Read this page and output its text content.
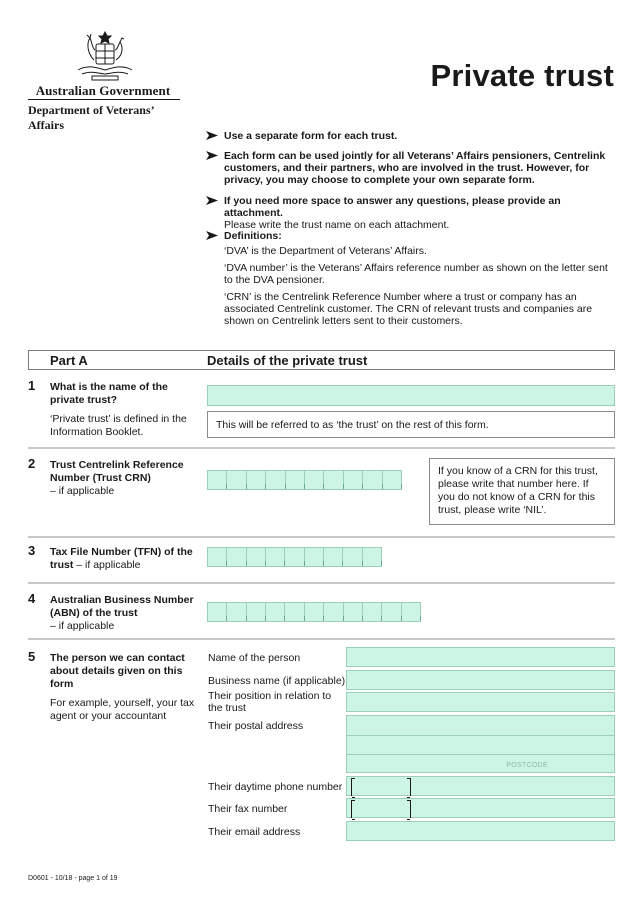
Australian Government
Department of Veterans’ Affairs
Private trust
Use a separate form for each trust.
Each form can be used jointly for all Veterans’ Affairs pensioners, Centrelink customers, and their partners, who are involved in the trust. However, for privacy, you may choose to complete your own separate form.
If you need more space to answer any questions, please provide an attachment.
Please write the trust name on each attachment.
Definitions:
‘DVA’ is the Department of Veterans’ Affairs.
‘DVA number’ is the Veterans’ Affairs reference number as shown on the letter sent to the DVA pensioner.
‘CRN’ is the Centrelink Reference Number where a trust or company has an associated Centrelink customer. The CRN of relevant trusts and companies are shown on Centrelink letters sent to their customers.
Part A	Details of the private trust
1 What is the name of the private trust?
‘Private trust’ is defined in the Information Booklet.
This will be referred to as ‘the trust’ on the rest of this form.
2 Trust Centrelink Reference Number (Trust CRN)
– if applicable
If you know of a CRN for this trust, please write that number here. If you do not know of a CRN for this trust, please write ‘NIL’.
3 Tax File Number (TFN) of the trust – if applicable
4 Australian Business Number (ABN) of the trust
– if applicable
5 The person we can contact about details given on this form
For example, yourself, your tax agent or your accountant
Name of the person
Business name (if applicable)
Their position in relation to the trust
Their postal address
POSTCODE
Their daytime phone number
Their fax number
Their email address
D0601 - 10/18 - page 1 of 19
